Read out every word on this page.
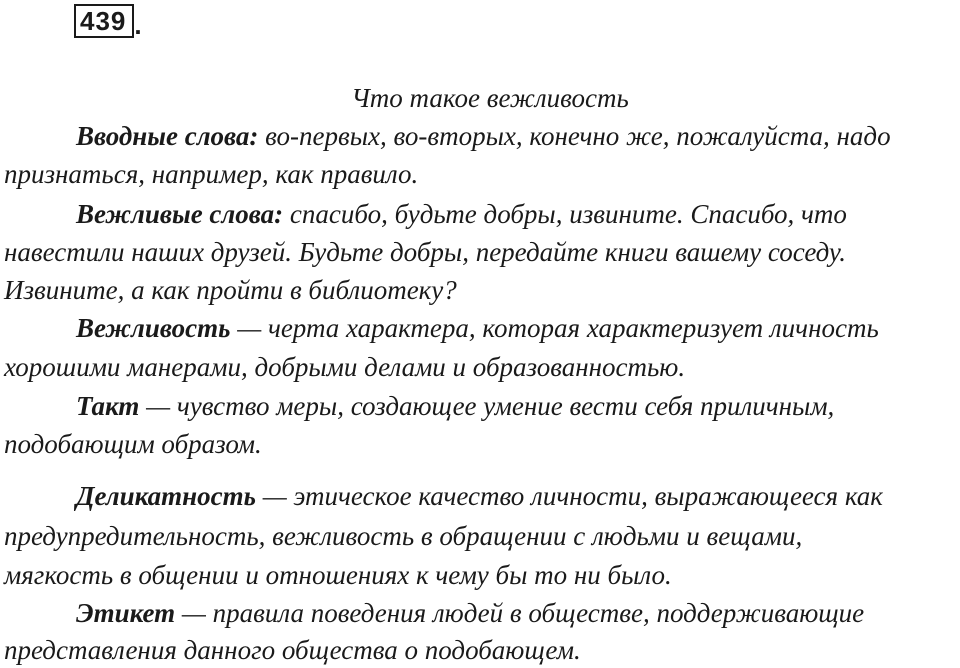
439 .
Что такое вежливость
Вводные слова: во-первых, во-вторых, конечно же, пожалуйста, надо
признаться, например, как правило.
Вежливые слова: спасибо, будьте добры, извините. Спасибо, что
навестили наших друзей. Будьте добры, передайте книги вашему соседу.
Извините, а как пройти в библиотеку?
Вежливость — черта характера, которая характеризует личность
хорошими манерами, добрыми делами и образованностью.
Такт — чувство меры, создающее умение вести себя приличным,
подобающим образом.
Деликатность — этическое качество личности, выражающееся как
предупредительность, вежливость в обращении с людьми и вещами,
мягкость в общении и отношениях к чему бы то ни было.
Этикет — правила поведения людей в обществе, поддерживающие
представления данного общества о подобающем.
